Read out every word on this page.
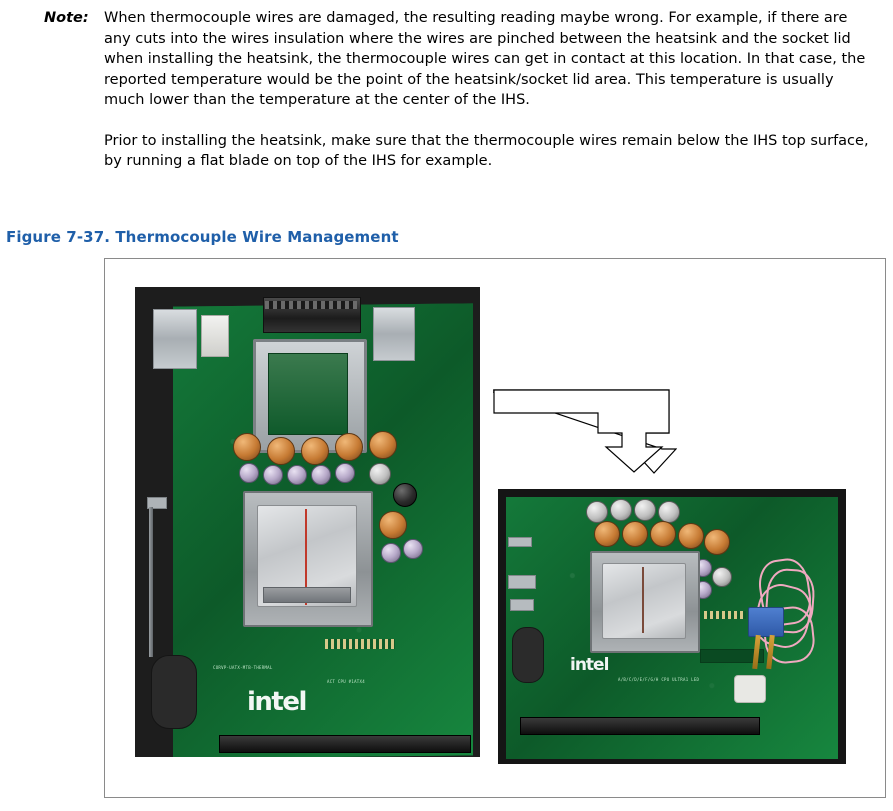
Note:	When thermocouple wires are damaged, the resulting reading maybe wrong. For example, if there are any cuts into the wires insulation where the wires are pinched between the heatsink and the socket lid when installing the heatsink, the thermocouple wires can get in contact at this location. In that case, the reported temperature would be the point of the heatsink/socket lid area. This temperature is usually much lower than the temperature at the center of the IHS.
Prior to installing the heatsink, make sure that the thermocouple wires remain below the IHS top surface, by running a flat blade on top of the IHS for example.
Figure 7-37. Thermocouple Wire Management
CORVP-UATX-MTB-THERMAL
ACT CPU #1ATX4
intel
A/B/C/D/E/F/G/H CPU ULTRA1 LED
intel
